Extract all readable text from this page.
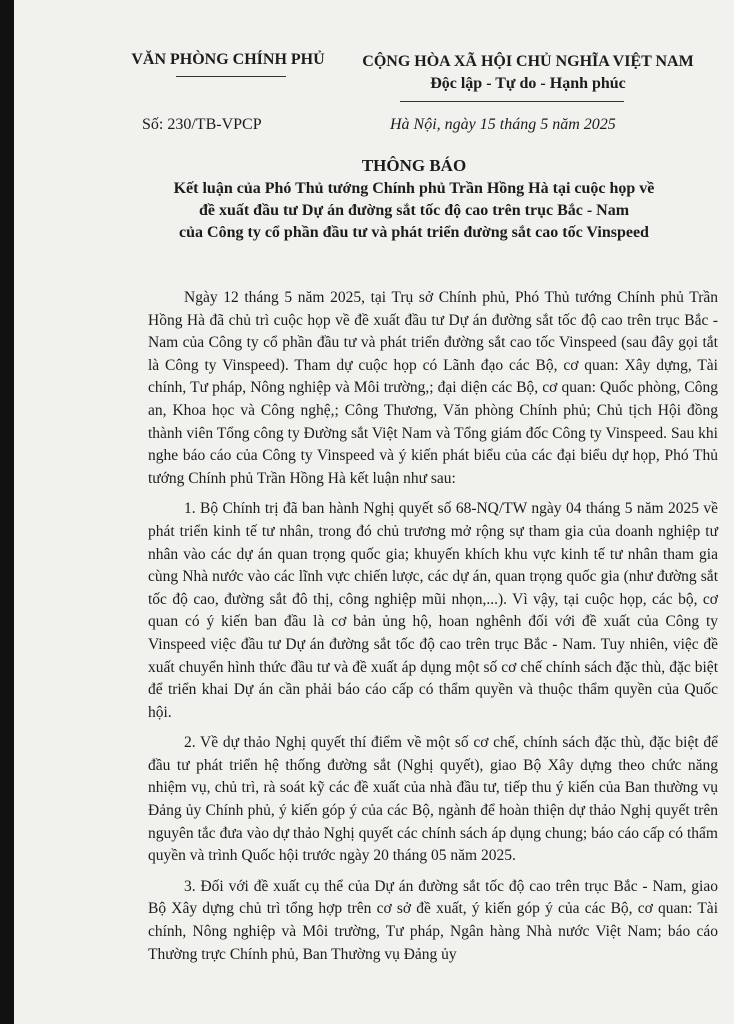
VĂN PHÒNG CHÍNH PHỦ	CỘNG HÒA XÃ HỘI CHỦ NGHĨA VIỆT NAM
Độc lập - Tự do - Hạnh phúc
Số: 230/TB-VPCP	Hà Nội, ngày 15 tháng 5 năm 2025
THÔNG BÁO
Kết luận của Phó Thủ tướng Chính phủ Trần Hồng Hà tại cuộc họp về
đề xuất đầu tư Dự án đường sắt tốc độ cao trên trục Bắc - Nam
của Công ty cổ phần đầu tư và phát triển đường sắt cao tốc Vinspeed

Ngày 12 tháng 5 năm 2025, tại Trụ sở Chính phủ, Phó Thủ tướng Chính phủ Trần Hồng Hà đã chủ trì cuộc họp về đề xuất đầu tư Dự án đường sắt tốc độ cao trên trục Bắc - Nam của Công ty cổ phần đầu tư và phát triển đường sắt cao tốc Vinspeed (sau đây gọi tắt là Công ty Vinspeed). Tham dự cuộc họp có Lãnh đạo các Bộ, cơ quan: Xây dựng, Tài chính, Tư pháp, Nông nghiệp và Môi trường,; đại diện các Bộ, cơ quan: Quốc phòng, Công an, Khoa học và Công nghệ,; Công Thương, Văn phòng Chính phủ; Chủ tịch Hội đồng thành viên Tổng công ty Đường sắt Việt Nam và Tổng giám đốc Công ty Vinspeed. Sau khi nghe báo cáo của Công ty Vinspeed và ý kiến phát biểu của các đại biểu dự họp, Phó Thủ tướng Chính phủ Trần Hồng Hà kết luận như sau:

1. Bộ Chính trị đã ban hành Nghị quyết số 68-NQ/TW ngày 04 tháng 5 năm 2025 về phát triển kinh tế tư nhân, trong đó chủ trương mở rộng sự tham gia của doanh nghiệp tư nhân vào các dự án quan trọng quốc gia; khuyến khích khu vực kinh tế tư nhân tham gia cùng Nhà nước vào các lĩnh vực chiến lược, các dự án, quan trọng quốc gia (như đường sắt tốc độ cao, đường sắt đô thị, công nghiệp mũi nhọn,...). Vì vậy, tại cuộc họp, các bộ, cơ quan có ý kiến ban đầu là cơ bản ủng hộ, hoan nghênh đối với đề xuất của Công ty Vinspeed việc đầu tư Dự án đường sắt tốc độ cao trên trục Bắc - Nam. Tuy nhiên, việc đề xuất chuyển hình thức đầu tư và đề xuất áp dụng một số cơ chế chính sách đặc thù, đặc biệt để triển khai Dự án cần phải báo cáo cấp có thẩm quyền và thuộc thẩm quyền của Quốc hội.

2. Về dự thảo Nghị quyết thí điểm về một số cơ chế, chính sách đặc thù, đặc biệt để đầu tư phát triển hệ thống đường sắt (Nghị quyết), giao Bộ Xây dựng theo chức năng nhiệm vụ, chủ trì, rà soát kỹ các đề xuất của nhà đầu tư, tiếp thu ý kiến của Ban thường vụ Đảng ủy Chính phủ, ý kiến góp ý của các Bộ, ngành để hoàn thiện dự thảo Nghị quyết trên nguyên tắc đưa vào dự thảo Nghị quyết các chính sách áp dụng chung; báo cáo cấp có thẩm quyền và trình Quốc hội trước ngày 20 tháng 05 năm 2025.

3. Đối với đề xuất cụ thể của Dự án đường sắt tốc độ cao trên trục Bắc - Nam, giao Bộ Xây dựng chủ trì tổng hợp trên cơ sở đề xuất, ý kiến góp ý của các Bộ, cơ quan: Tài chính, Nông nghiệp và Môi trường, Tư pháp, Ngân hàng Nhà nước Việt Nam; báo cáo Thường trực Chính phủ, Ban Thường vụ Đảng ủy
